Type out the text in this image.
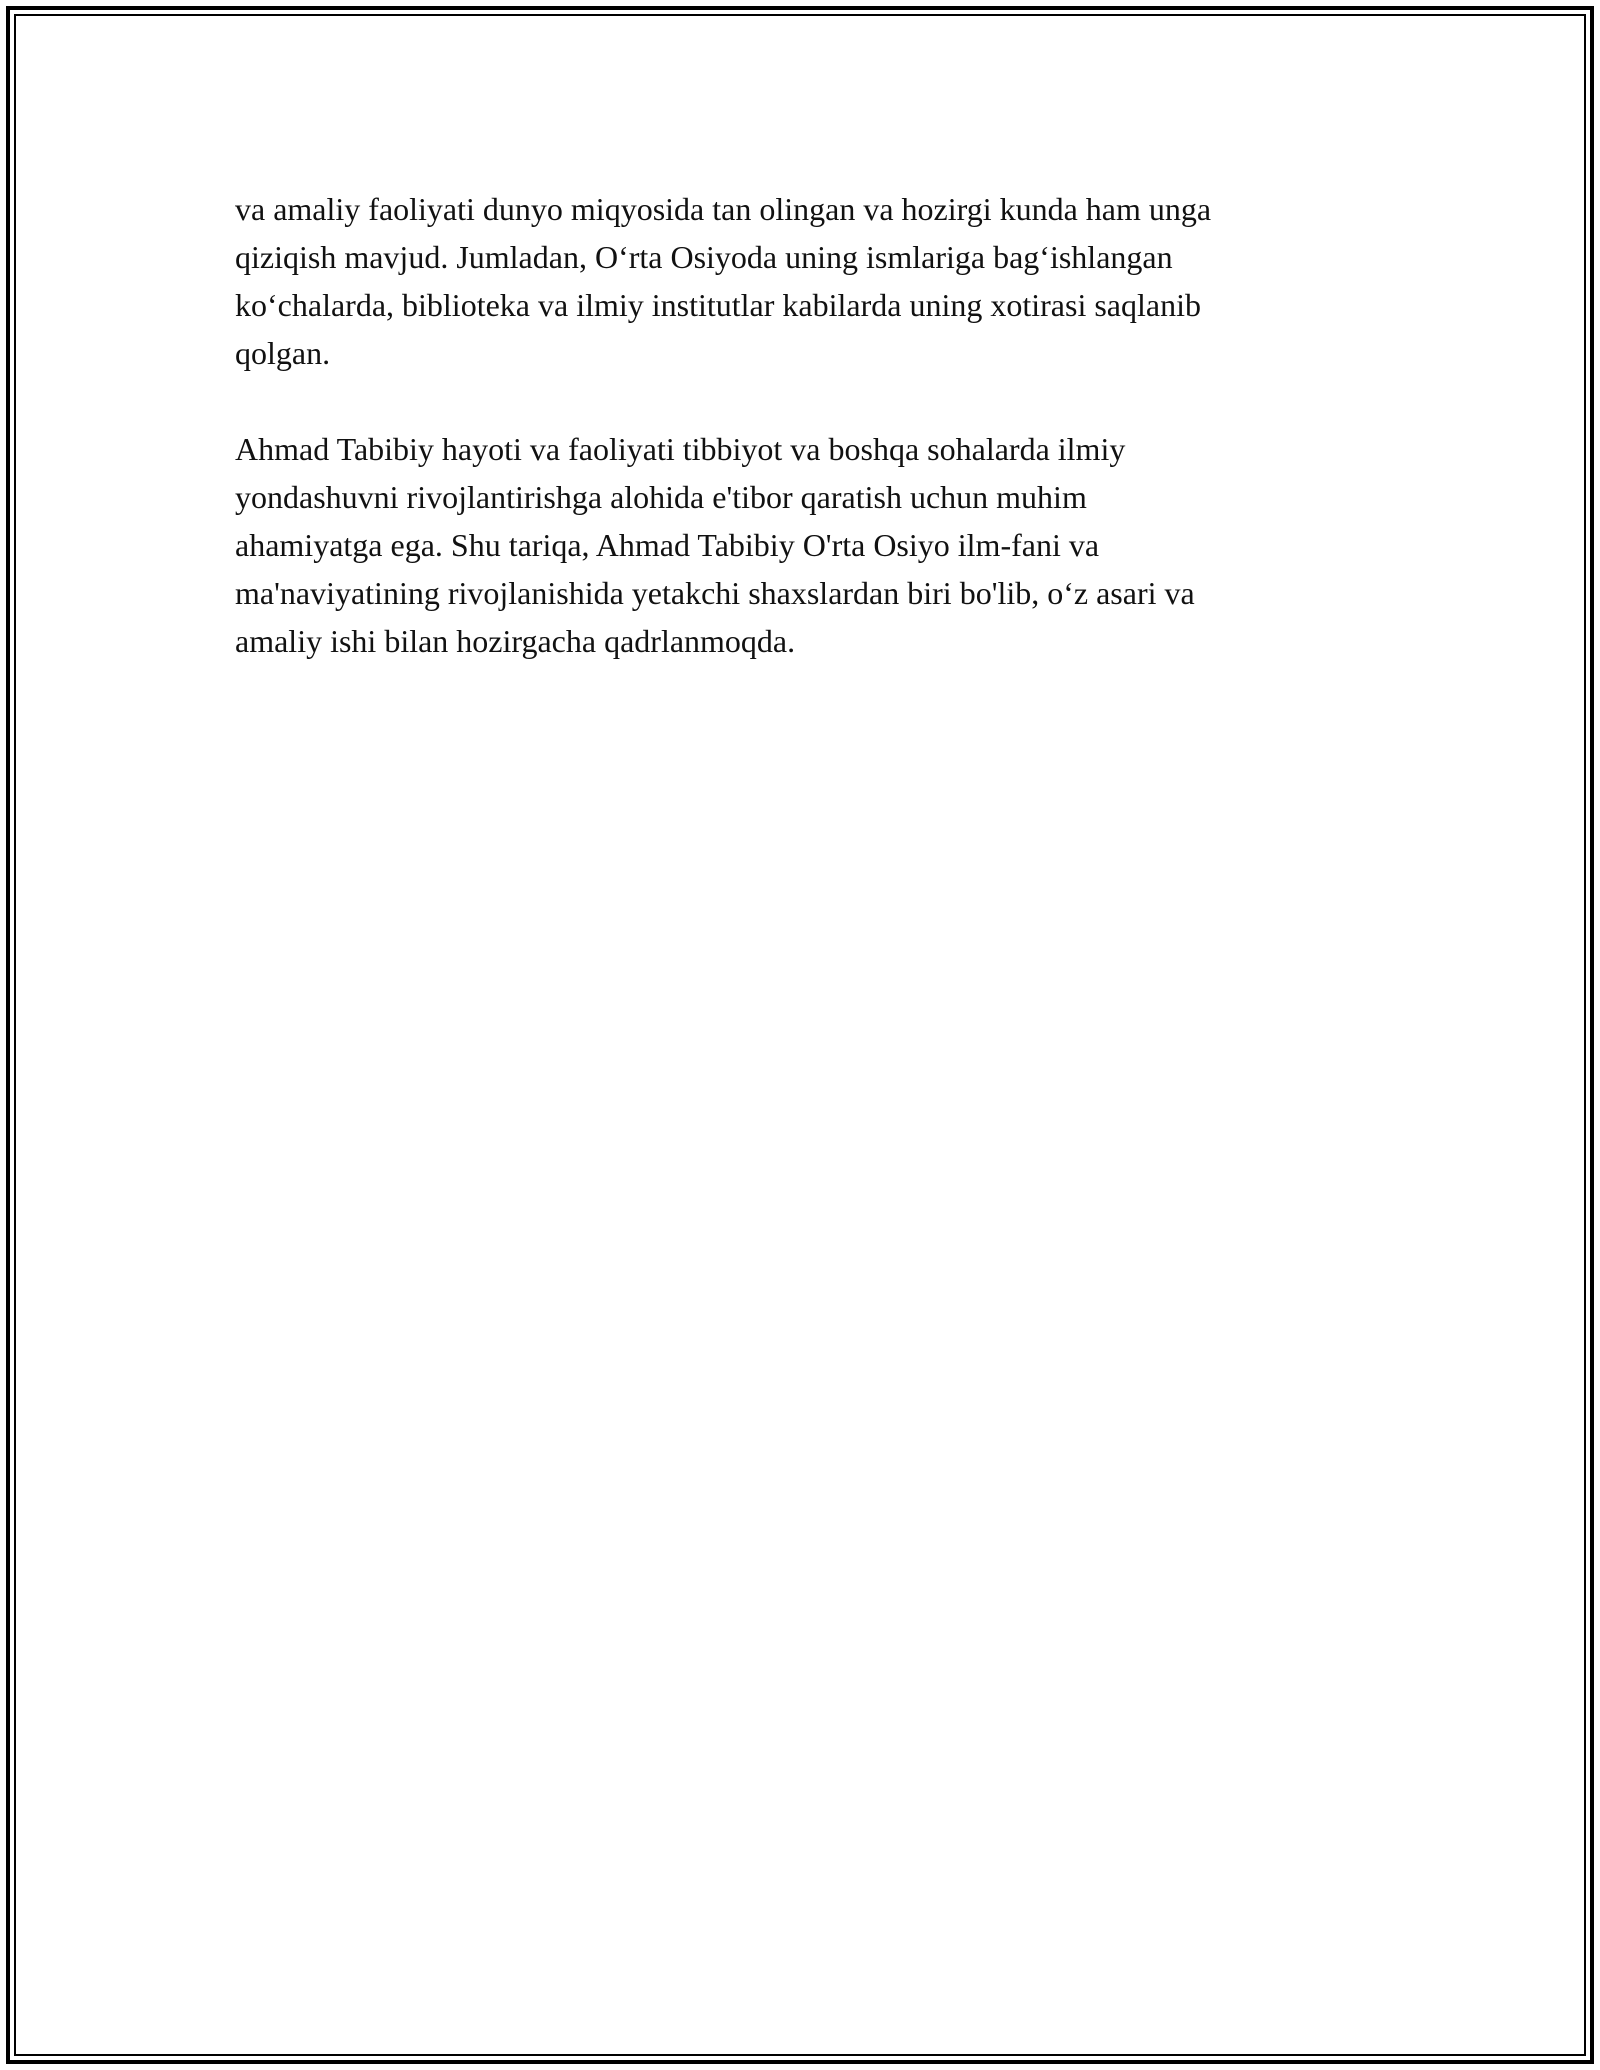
va amaliy faoliyati dunyo miqyosida tan olingan va hozirgi kunda ham unga
qiziqish mavjud. Jumladan, O‘rta Osiyoda uning ismlariga bag‘ishlangan
ko‘chalarda, biblioteka va ilmiy institutlar kabilarda uning xotirasi saqlanib
qolgan.

Ahmad Tabibiy hayoti va faoliyati tibbiyot va boshqa sohalarda ilmiy
yondashuvni rivojlantirishga alohida e'tibor qaratish uchun muhim
ahamiyatga ega. Shu tariqa, Ahmad Tabibiy O'rta Osiyo ilm-fani va
ma'naviyatining rivojlanishida yetakchi shaxslardan biri bo'lib, o‘z asari va
amaliy ishi bilan hozirgacha qadrlanmoqda.
